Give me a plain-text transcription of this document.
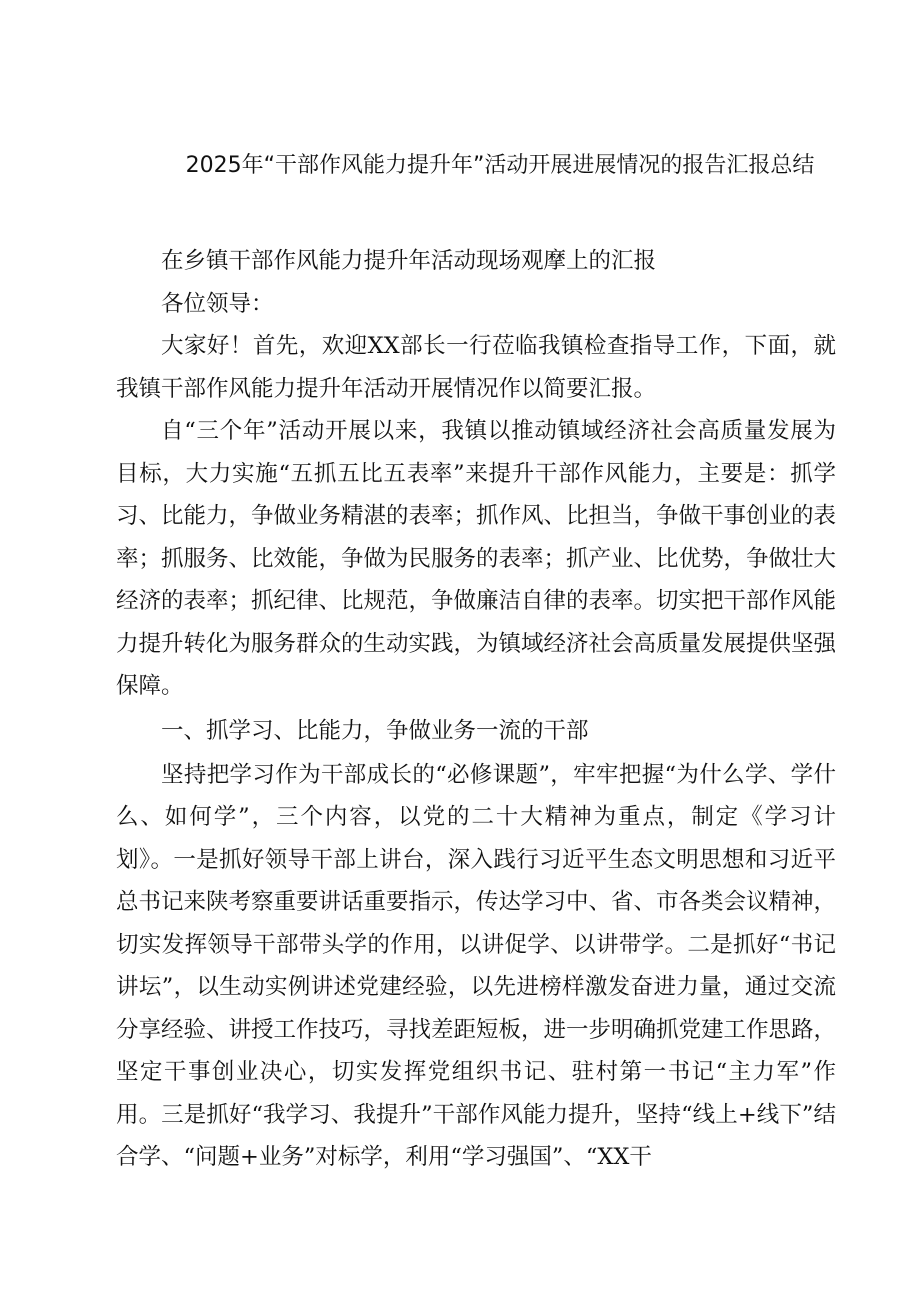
2025年“干部作风能力提升年”活动开展进展情况的报告汇报总结

在乡镇干部作风能力提升年活动现场观摩上的汇报

各位领导：

大家好！首先，欢迎XX部长一行莅临我镇检查指导工作，下面，就我镇干部作风能力提升年活动开展情况作以简要汇报。

自“三个年”活动开展以来，我镇以推动镇域经济社会高质量发展为目标，大力实施“五抓五比五表率”来提升干部作风能力，主要是：抓学习、比能力，争做业务精湛的表率；抓作风、比担当，争做干事创业的表率；抓服务、比效能，争做为民服务的表率；抓产业、比优势，争做壮大经济的表率；抓纪律、比规范，争做廉洁自律的表率。切实把干部作风能力提升转化为服务群众的生动实践，为镇域经济社会高质量发展提供坚强保障。

一、抓学习、比能力，争做业务一流的干部

坚持把学习作为干部成长的“必修课题”，牢牢把握“为什么学、学什么、如何学”，三个内容，以党的二十大精神为重点，制定《学习计划》。一是抓好领导干部上讲台，深入践行习近平生态文明思想和习近平总书记来陕考察重要讲话重要指示，传达学习中、省、市各类会议精神，切实发挥领导干部带头学的作用，以讲促学、以讲带学。二是抓好“书记讲坛”，以生动实例讲述党建经验，以先进榜样激发奋进力量，通过交流分享经验、讲授工作技巧，寻找差距短板，进一步明确抓党建工作思路，坚定干事创业决心，切实发挥党组织书记、驻村第一书记“主力军”作用。三是抓好“我学习、我提升”干部作风能力提升，坚持“线上+线下”结合学、“问题+业务”对标学，利用“学习强国”、“XX干
